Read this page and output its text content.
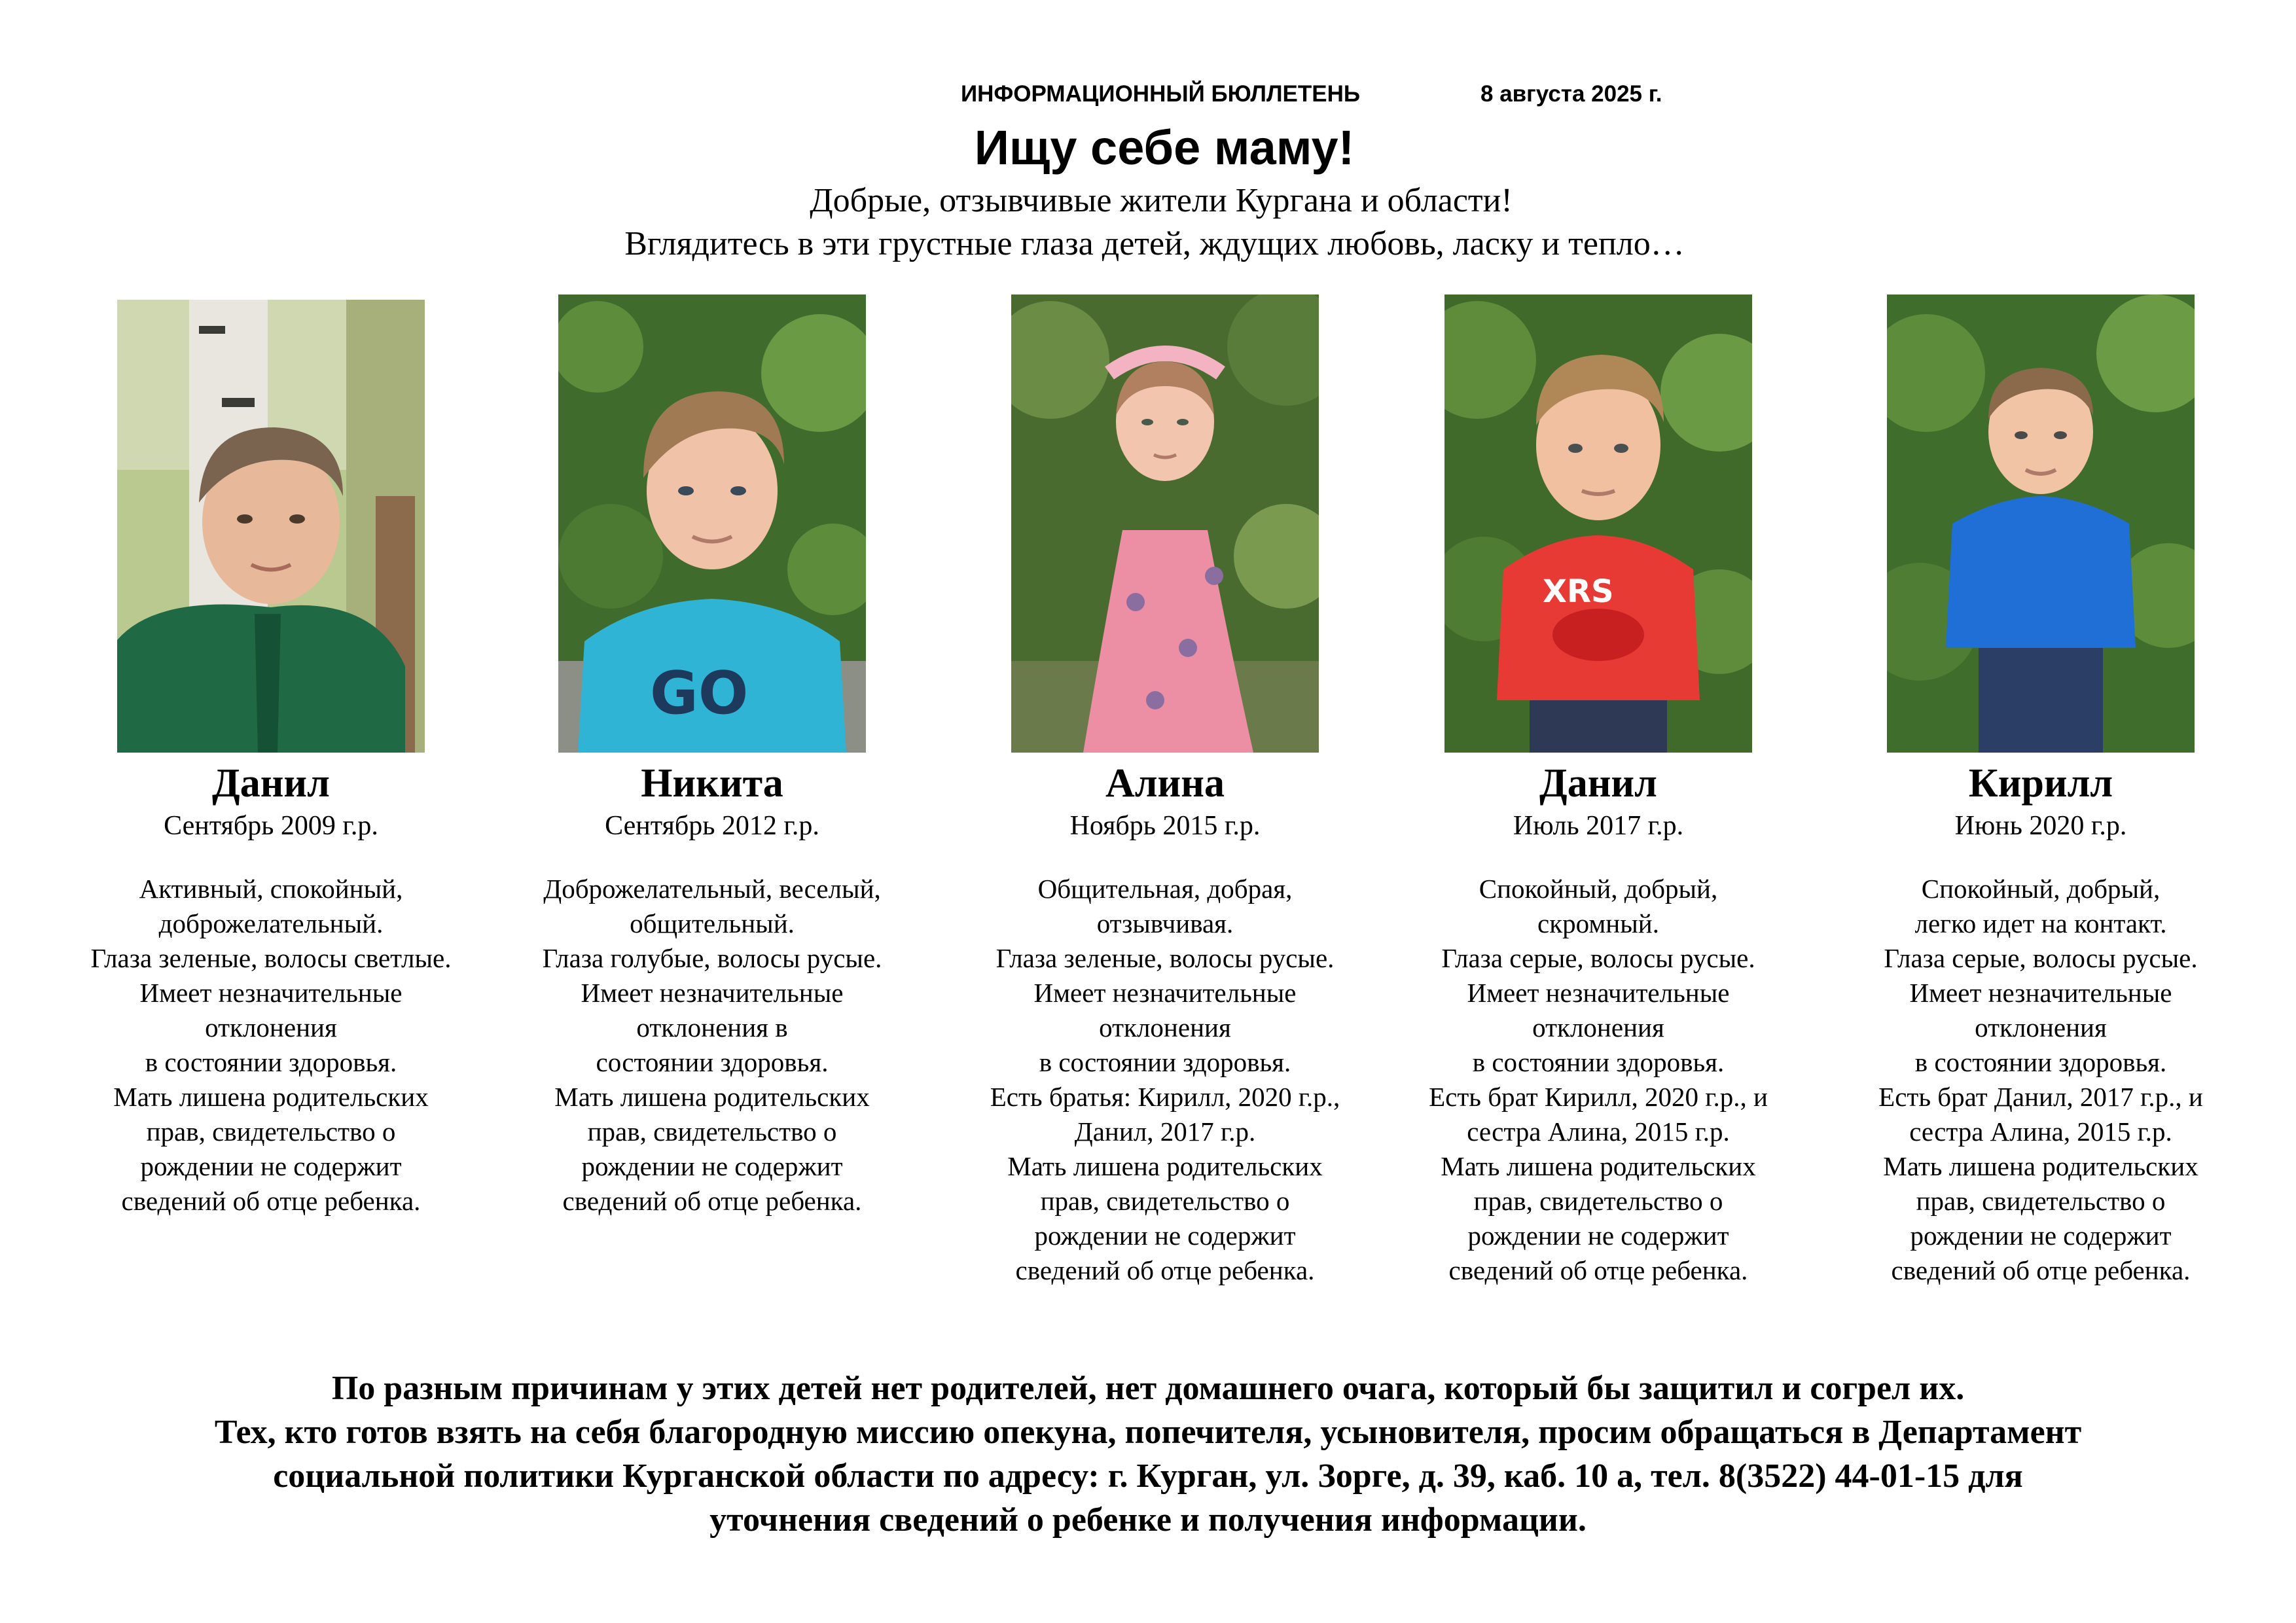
ИНФОРМАЦИОННЫЙ БЮЛЛЕТЕНЬ	8 августа 2025 г.
Ищу себе маму!
Добрые, отзывчивые жители Кургана и области!
Вглядитесь в эти грустные глаза детей, ждущих любовь, ласку и тепло…
Данил
Сентябрь 2009 г.р.
Активный, спокойный,
доброжелательный.
Глаза зеленые, волосы светлые.
Имеет незначительные
отклонения
в состоянии здоровья.
Мать лишена родительских
прав, свидетельство о
рождении не содержит
сведений об отце ребенка.
GO
Никита
Сентябрь 2012 г.р.
Доброжелательный, веселый,
общительный.
Глаза голубые, волосы русые.
Имеет незначительные
отклонения в
состоянии здоровья.
Мать лишена родительских
прав, свидетельство о
рождении не содержит
сведений об отце ребенка.
Алина
Ноябрь 2015 г.р.
Общительная, добрая,
отзывчивая.
Глаза зеленые, волосы русые.
Имеет незначительные
отклонения
в состоянии здоровья.
Есть братья: Кирилл, 2020 г.р.,
Данил, 2017 г.р.
Мать лишена родительских
прав, свидетельство о
рождении не содержит
сведений об отце ребенка.
XRS
Данил
Июль 2017 г.р.
Спокойный, добрый,
скромный.
Глаза серые, волосы русые.
Имеет незначительные
отклонения
в состоянии здоровья.
Есть брат Кирилл, 2020 г.р., и
сестра Алина, 2015 г.р.
Мать лишена родительских
прав, свидетельство о
рождении не содержит
сведений об отце ребенка.
Кирилл
Июнь 2020 г.р.
Спокойный, добрый,
легко идет на контакт.
Глаза серые, волосы русые.
Имеет незначительные
отклонения
в состоянии здоровья.
Есть брат Данил, 2017 г.р., и
сестра Алина, 2015 г.р.
Мать лишена родительских
прав, свидетельство о
рождении не содержит
сведений об отце ребенка.
По разным причинам у этих детей нет родителей, нет домашнего очага, который бы защитил и согрел их.
Тех, кто готов взять на себя благородную миссию опекуна, попечителя, усыновителя, просим обращаться в Департамент
социальной политики Курганской области по адресу: г. Курган, ул. Зорге, д. 39, каб. 10 а, тел. 8(3522) 44-01-15 для
уточнения сведений о ребенке и получения информации.
